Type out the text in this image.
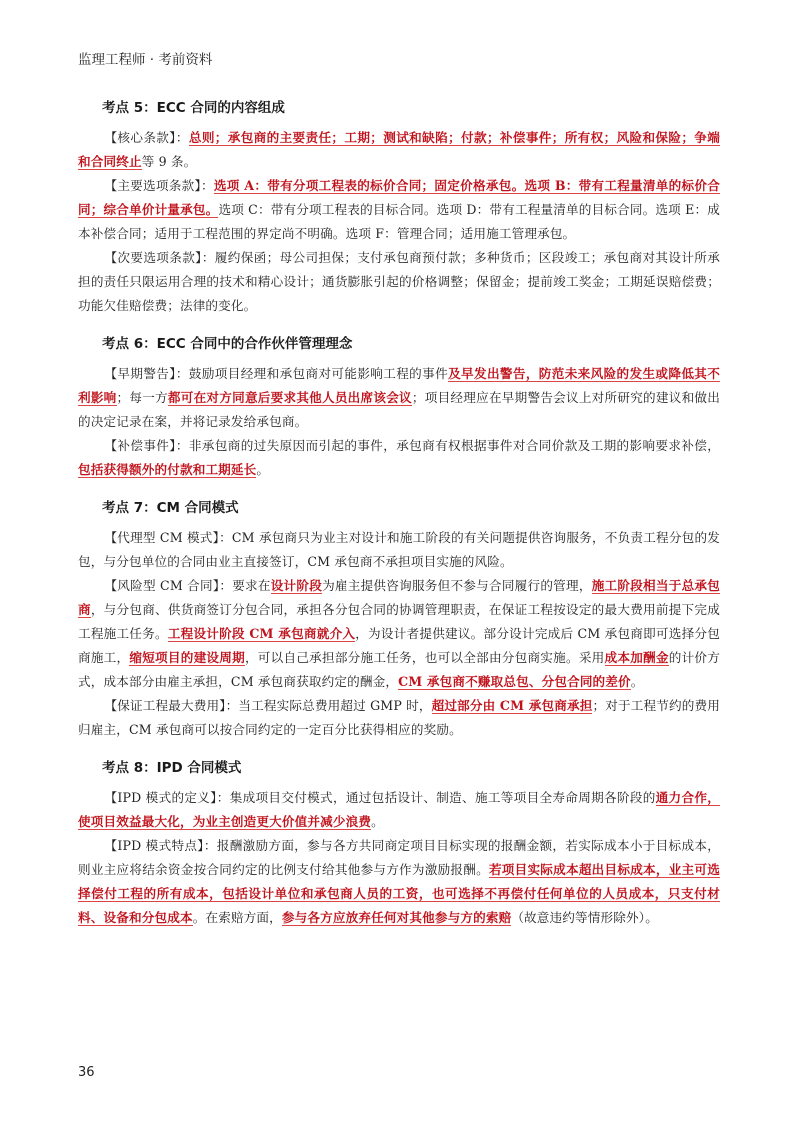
监理工程师 · 考前资料
考点 5：ECC 合同的内容组成

【核心条款】：总则；承包商的主要责任；工期；测试和缺陷；付款；补偿事件；所有权；风险和保险；争端和合同终止等 9 条。

【主要选项条款】：选项 A：带有分项工程表的标价合同；固定价格承包。选项 B：带有工程量清单的标价合同；综合单价计量承包。选项 C：带有分项工程表的目标合同。选项 D：带有工程量清单的目标合同。选项 E：成本补偿合同；适用于工程范围的界定尚不明确。选项 F：管理合同；适用施工管理承包。

【次要选项条款】：履约保函；母公司担保；支付承包商预付款；多种货币；区段竣工；承包商对其设计所承担的责任只限运用合理的技术和精心设计；通货膨胀引起的价格调整；保留金；提前竣工奖金；工期延误赔偿费；功能欠佳赔偿费；法律的变化。

考点 6：ECC 合同中的合作伙伴管理理念

【早期警告】：鼓励项目经理和承包商对可能影响工程的事件及早发出警告，防范未来风险的发生或降低其不利影响；每一方都可在对方同意后要求其他人员出席该会议；项目经理应在早期警告会议上对所研究的建议和做出的决定记录在案，并将记录发给承包商。

【补偿事件】：非承包商的过失原因而引起的事件，承包商有权根据事件对合同价款及工期的影响要求补偿，包括获得额外的付款和工期延长。

考点 7：CM 合同模式

【代理型 CM 模式】：CM 承包商只为业主对设计和施工阶段的有关问题提供咨询服务，不负责工程分包的发包，与分包单位的合同由业主直接签订，CM 承包商不承担项目实施的风险。

【风险型 CM 合同】：要求在设计阶段为雇主提供咨询服务但不参与合同履行的管理，施工阶段相当于总承包商，与分包商、供货商签订分包合同，承担各分包合同的协调管理职责，在保证工程按设定的最大费用前提下完成工程施工任务。工程设计阶段 CM 承包商就介入，为设计者提供建议。部分设计完成后 CM 承包商即可选择分包商施工，缩短项目的建设周期，可以自己承担部分施工任务，也可以全部由分包商实施。采用成本加酬金的计价方式，成本部分由雇主承担，CM 承包商获取约定的酬金，CM 承包商不赚取总包、分包合同的差价。

【保证工程最大费用】：当工程实际总费用超过 GMP 时，超过部分由 CM 承包商承担；对于工程节约的费用归雇主，CM 承包商可以按合同约定的一定百分比获得相应的奖励。

考点 8：IPD 合同模式

【IPD 模式的定义】：集成项目交付模式，通过包括设计、制造、施工等项目全寿命周期各阶段的通力合作，使项目效益最大化，为业主创造更大价值并减少浪费。

【IPD 模式特点】：报酬激励方面，参与各方共同商定项目目标实现的报酬金额，若实际成本小于目标成本，则业主应将结余资金按合同约定的比例支付给其他参与方作为激励报酬。若项目实际成本超出目标成本，业主可选择偿付工程的所有成本，包括设计单位和承包商人员的工资，也可选择不再偿付任何单位的人员成本，只支付材料、设备和分包成本。在索赔方面，参与各方应放弃任何对其他参与方的索赔（故意违约等情形除外）。

36
